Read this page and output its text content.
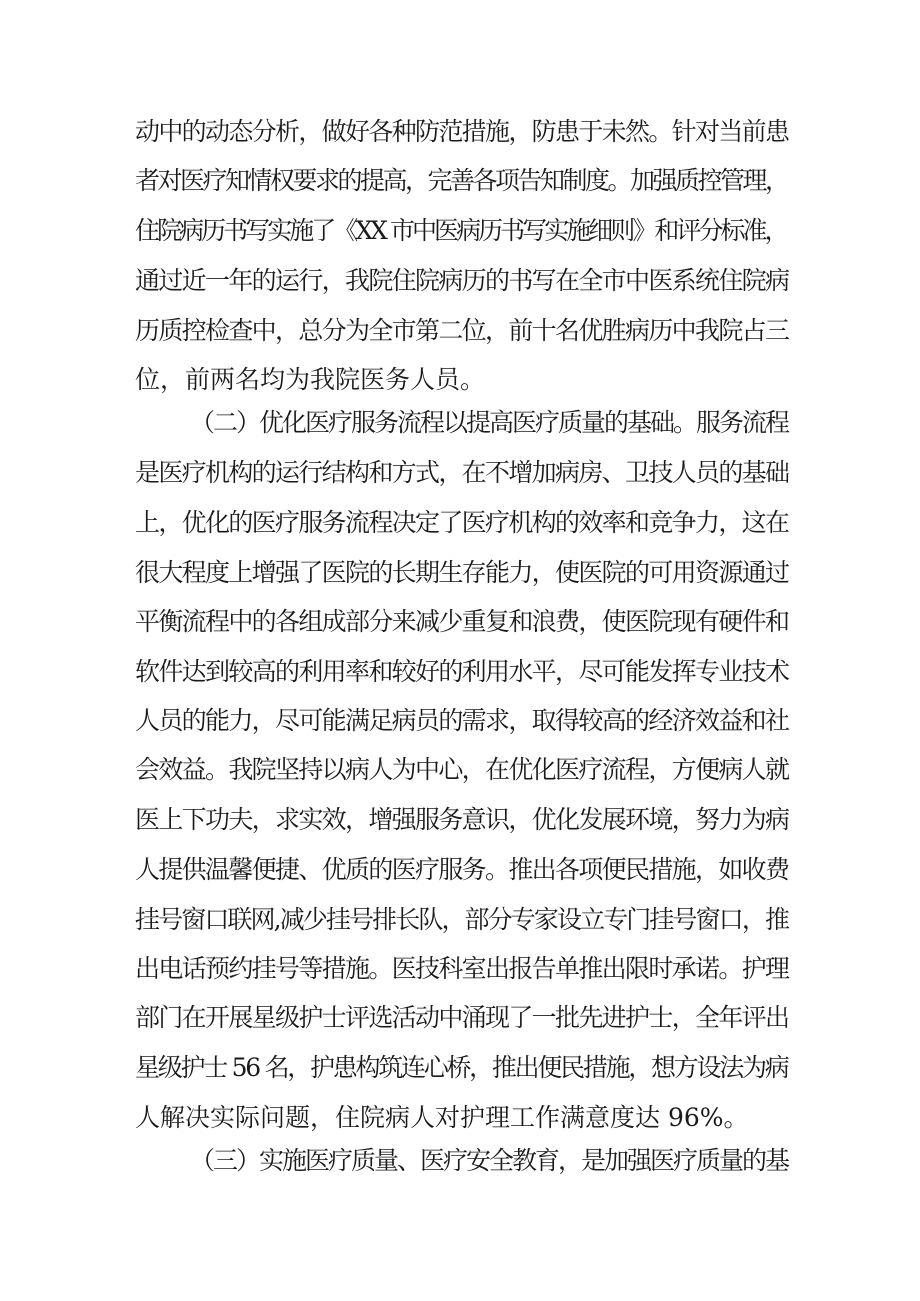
动中的动态分析，做好各种防范措施，防患于未然。针对当前患
者对医疗知情权要求的提高，完善各项告知制度。加强质控管理，
住院病历书写实施了《XX 市中医病历书写实施细则》和评分标准，
通过近一年的运行，我院住院病历的书写在全市中医系统住院病
历质控检查中，总分为全市第二位，前十名优胜病历中我院占三
位，前两名均为我院医务人员。
（二）优化医疗服务流程以提高医疗质量的基础。服务流程
是医疗机构的运行结构和方式，在不增加病房、卫技人员的基础
上，优化的医疗服务流程决定了医疗机构的效率和竞争力，这在
很大程度上增强了医院的长期生存能力，使医院的可用资源通过
平衡流程中的各组成部分来减少重复和浪费，使医院现有硬件和
软件达到较高的利用率和较好的利用水平，尽可能发挥专业技术
人员的能力，尽可能满足病员的需求，取得较高的经济效益和社
会效益。我院坚持以病人为中心，在优化医疗流程，方便病人就
医上下功夫，求实效，增强服务意识，优化发展环境，努力为病
人提供温馨便捷、优质的医疗服务。推出各项便民措施，如收费
挂号窗口联网,减少挂号排长队，部分专家设立专门挂号窗口，推
出电话预约挂号等措施。医技科室出报告单推出限时承诺。护理
部门在开展星级护士评选活动中涌现了一批先进护士，全年评出
星级护士 56 名，护患构筑连心桥，推出便民措施，想方设法为病
人解决实际问题，住院病人对护理工作满意度达 96%。
（三）实施医疗质量、医疗安全教育，是加强医疗质量的基
